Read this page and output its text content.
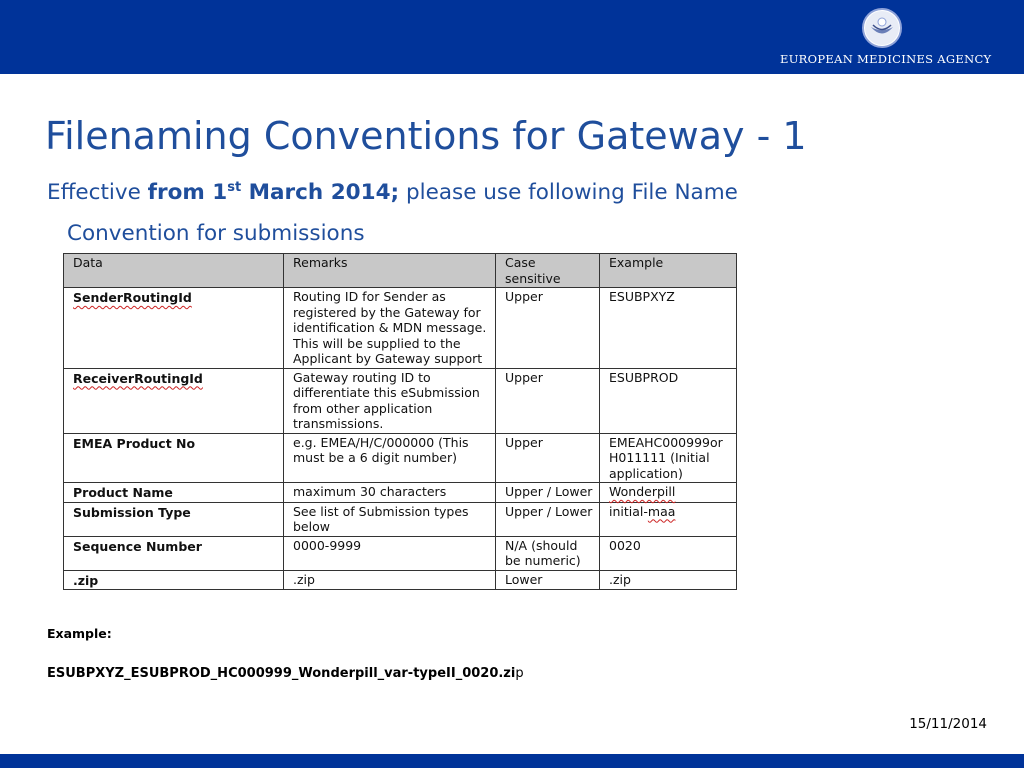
EUROPEAN MEDICINES AGENCY
Filenaming Conventions for Gateway - 1
Effective from 1st March 2014; please use following File Name
Convention for submissions
Data	Remarks	Case sensitive	Example
SenderRoutingId	Routing ID for Sender as registered by the Gateway for identification & MDN message. This will be supplied to the Applicant by Gateway support	Upper	ESUBPXYZ
ReceiverRoutingId	Gateway routing ID to differentiate this eSubmission from other application transmissions.	Upper	ESUBPROD
EMEA Product No	e.g. EMEA/H/C/000000 (This must be a 6 digit number)	Upper	EMEAHC000999or H011111 (Initial application)
Product Name	maximum 30 characters	Upper / Lower	Wonderpill
Submission Type	See list of Submission types below	Upper / Lower	initial-maa
Sequence Number	0000-9999	N/A (should be numeric)	0020
.zip	.zip	Lower	.zip
Example:
ESUBPXYZ_ESUBPROD_HC000999_Wonderpill_var-typeII_0020.zip
15/11/2014
